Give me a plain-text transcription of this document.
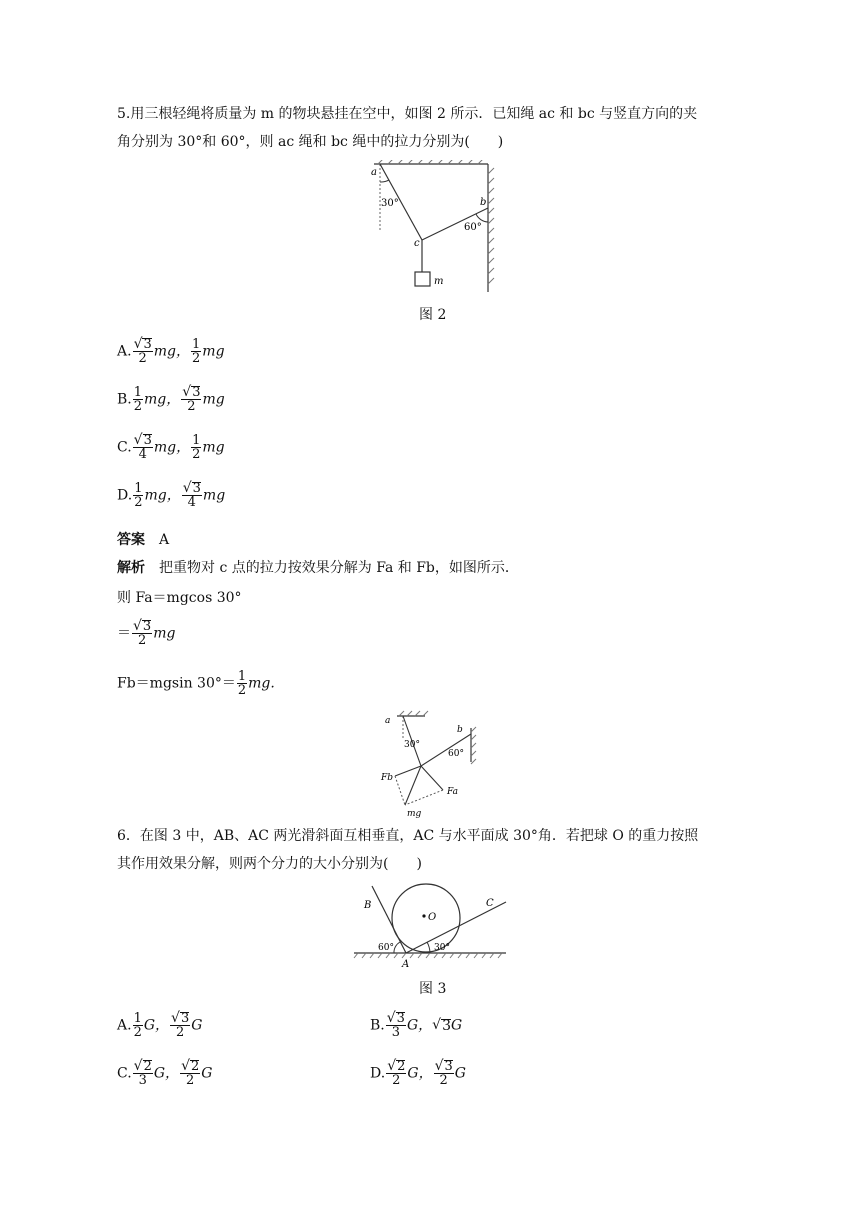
5.用三根轻绳将质量为 m 的物块悬挂在空中，如图 2 所示．已知绳 ac 和 bc 与竖直方向的夹
角分别为 30°和 60°，则 ac 绳和 bc 绳中的拉力分别为(　　)
a
b
c
m
30°
60°
图 2
A. $\frac{√ 3}{2}$ mg， $\frac{1}{2}$ mg
B. $\frac{1}{2}$ mg， $\frac{√ 3}{2}$ mg
C. $\frac{√ 3}{4}$ mg， $\frac{1}{2}$ mg
D. $\frac{1}{2}$ mg， $\frac{√ 3}{4}$ mg
答案 A
解析 把重物对 c 点的拉力按效果分解为 Fa 和 Fb，如图所示．
则 Fa＝mgcos 30°
＝ $\frac{√ 3}{2}$ mg
Fb＝mgsin $30^\circ= \frac{1}{2}$ mg.
a
b
30°
60°
Fb
Fa
mg
6．在图 3 中，AB、AC 两光滑斜面互相垂直，AC 与水平面成 30°角．若把球 O 的重力按照
其作用效果分解，则两个分力的大小分别为(　　)
B	C
O
A
60°	30°
图 3
A. $\frac{1}{2}$ G， $\frac{√ 3}{2}$ G	B. $\frac{√ 3}{3}$ G， √ 3 G
C. $\frac{√ 2}{3}$ G， $\frac{√ 2}{2}$ G	D. $\frac{√ 2}{2}$ G， $\frac{√ 3}{2}$ G
